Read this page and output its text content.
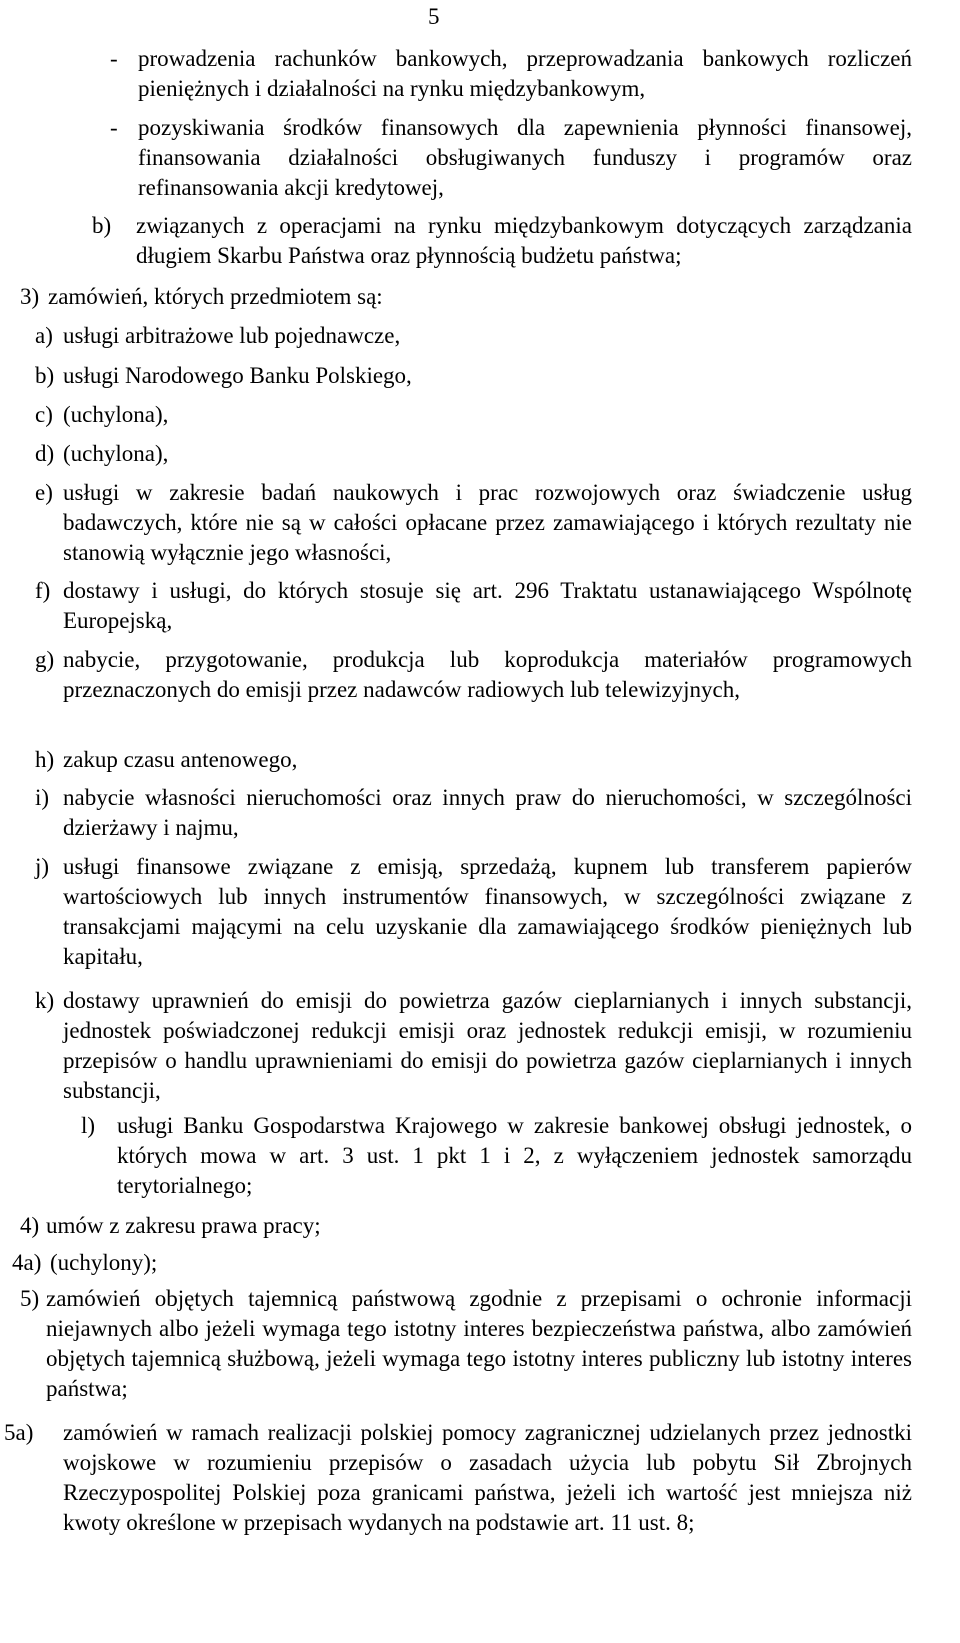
5
- prowadzenia rachunków bankowych, przeprowadzania bankowych rozliczeń pieniężnych i działalności na rynku międzybankowym,
- pozyskiwania środków finansowych dla zapewnienia płynności finansowej, finansowania działalności obsługiwanych funduszy i programów oraz refinansowania akcji kredytowej,
b) związanych z operacjami na rynku międzybankowym dotyczących zarządzania długiem Skarbu Państwa oraz płynnością budżetu państwa;
3) zamówień, których przedmiotem są:
a) usługi arbitrażowe lub pojednawcze,
b) usługi Narodowego Banku Polskiego,
c) (uchylona),
d) (uchylona),
e) usługi w zakresie badań naukowych i prac rozwojowych oraz świadczenie usług badawczych, które nie są w całości opłacane przez zamawiającego i których rezultaty nie stanowią wyłącznie jego własności,
f) dostawy i usługi, do których stosuje się art. 296 Traktatu ustanawiającego Wspólnotę Europejską,
g) nabycie, przygotowanie, produkcja lub koprodukcja materiałów programowych przeznaczonych do emisji przez nadawców radiowych lub telewizyjnych,
h) zakup czasu antenowego,
i) nabycie własności nieruchomości oraz innych praw do nieruchomości, w szczególności dzierżawy i najmu,
j) usługi finansowe związane z emisją, sprzedażą, kupnem lub transferem papierów wartościowych lub innych instrumentów finansowych, w szczególności związane z transakcjami mającymi na celu uzyskanie dla zamawiającego środków pieniężnych lub kapitału,
k) dostawy uprawnień do emisji do powietrza gazów cieplarnianych i innych substancji, jednostek poświadczonej redukcji emisji oraz jednostek redukcji emisji, w rozumieniu przepisów o handlu uprawnieniami do emisji do powietrza gazów cieplarnianych i innych substancji,
l) usługi Banku Gospodarstwa Krajowego w zakresie bankowej obsługi jednostek, o których mowa w art. 3 ust. 1 pkt 1 i 2, z wyłączeniem jednostek samorządu terytorialnego;
4) umów z zakresu prawa pracy;
4a) (uchylony);
5) zamówień objętych tajemnicą państwową zgodnie z przepisami o ochronie informacji niejawnych albo jeżeli wymaga tego istotny interes bezpieczeństwa państwa, albo zamówień objętych tajemnicą służbową, jeżeli wymaga tego istotny interes publiczny lub istotny interes państwa;
5a) zamówień w ramach realizacji polskiej pomocy zagranicznej udzielanych przez jednostki wojskowe w rozumieniu przepisów o zasadach użycia lub pobytu Sił Zbrojnych Rzeczypospolitej Polskiej poza granicami państwa, jeżeli ich wartość jest mniejsza niż kwoty określone w przepisach wydanych na podstawie art. 11 ust. 8;
